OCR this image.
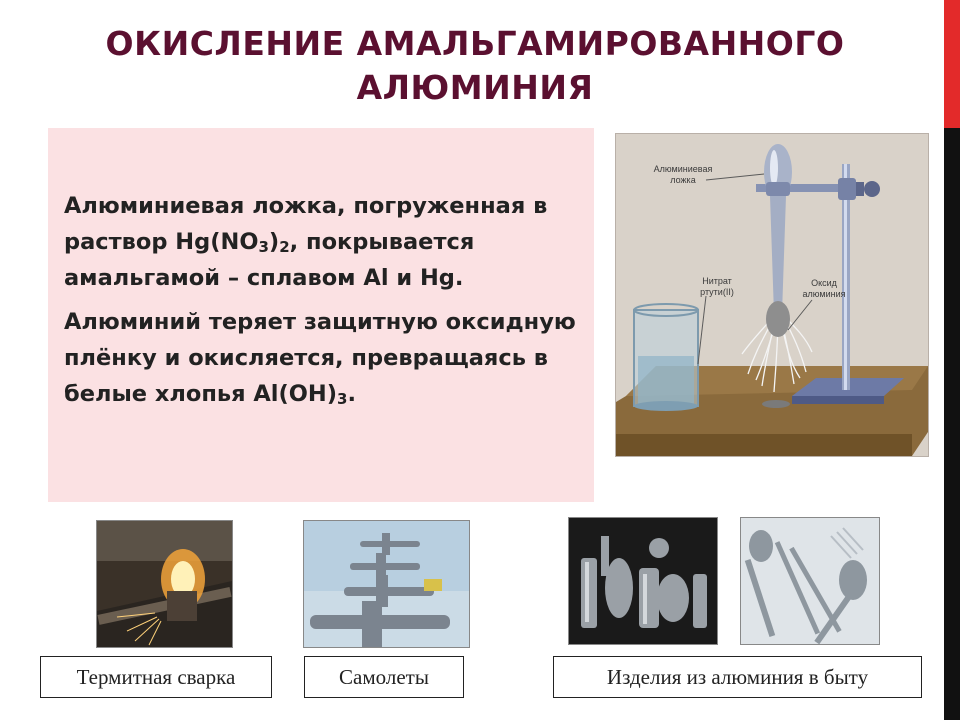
ОКИСЛЕНИЕ АМАЛЬГАМИРОВАННОГО АЛЮМИНИЯ

Алюминиевая ложка, погруженная в раствор $Hg(NO_3)_2$, покрывается амальгамой – сплавом Al и Hg.

Алюминий теряет защитную оксидную плёнку и окисляется, превращаясь в белые хлопья $Al(OH)_3$.

Алюминиевая ложка
Нитрат ртути(II)
Оксид алюминия
Термитная сварка	Самолеты	Изделия из алюминия в быту
